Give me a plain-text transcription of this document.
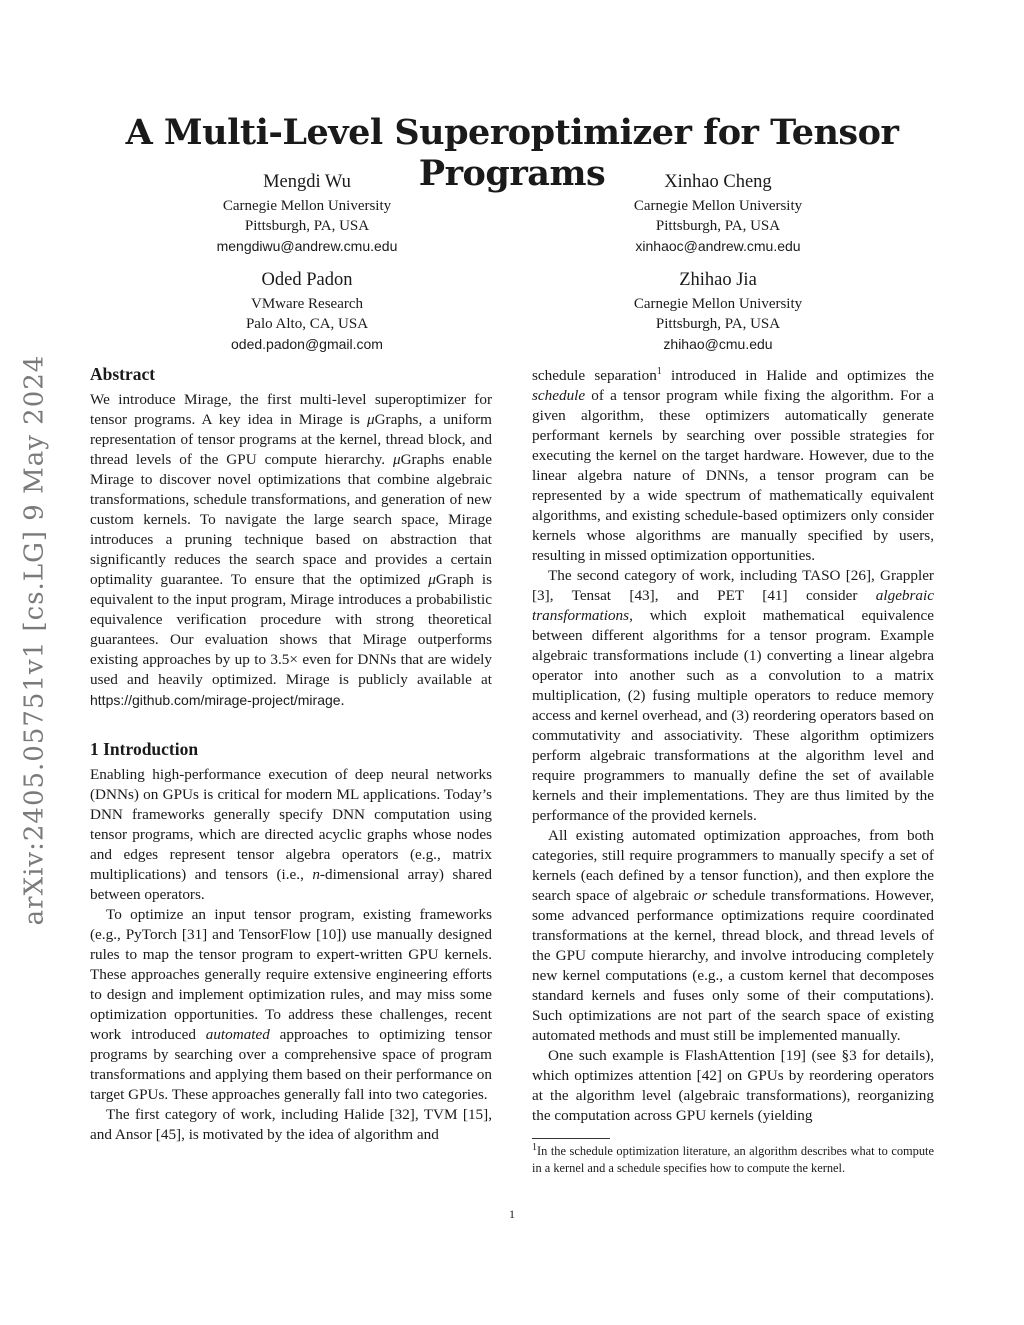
arXiv:2405.05751v1 [cs.LG] 9 May 2024
A Multi-Level Superoptimizer for Tensor Programs
Mengdi Wu
Carnegie Mellon University
Pittsburgh, PA, USA
mengdiwu@andrew.cmu.edu
Xinhao Cheng
Carnegie Mellon University
Pittsburgh, PA, USA
xinhaoc@andrew.cmu.edu
Oded Padon
VMware Research
Palo Alto, CA, USA
oded.padon@gmail.com
Zhihao Jia
Carnegie Mellon University
Pittsburgh, PA, USA
zhihao@cmu.edu
Abstract

We introduce Mirage, the first multi-level superoptimizer for tensor programs. A key idea in Mirage is μGraphs, a uniform representation of tensor programs at the kernel, thread block, and thread levels of the GPU compute hierarchy. μGraphs enable Mirage to discover novel optimizations that combine algebraic transformations, schedule transformations, and generation of new custom kernels. To navigate the large search space, Mirage introduces a pruning technique based on abstraction that significantly reduces the search space and provides a certain optimality guarantee. To ensure that the optimized μGraph is equivalent to the input program, Mirage introduces a probabilistic equivalence verification procedure with strong theoretical guarantees. Our evaluation shows that Mirage outperforms existing approaches by up to 3.5× even for DNNs that are widely used and heavily optimized. Mirage is publicly available at https://github.com/mirage-project/mirage.

1 Introduction

Enabling high-performance execution of deep neural networks (DNNs) on GPUs is critical for modern ML applications. Today’s DNN frameworks generally specify DNN computation using tensor programs, which are directed acyclic graphs whose nodes and edges represent tensor algebra operators (e.g., matrix multiplications) and tensors (i.e., n-dimensional array) shared between operators.

To optimize an input tensor program, existing frameworks (e.g., PyTorch [31] and TensorFlow [10]) use manually designed rules to map the tensor program to expert-written GPU kernels. These approaches generally require extensive engineering efforts to design and implement optimization rules, and may miss some optimization opportunities. To address these challenges, recent work introduced automated approaches to optimizing tensor programs by searching over a comprehensive space of program transformations and applying them based on their performance on target GPUs. These approaches generally fall into two categories.

The first category of work, including Halide [32], TVM [15], and Ansor [45], is motivated by the idea of algorithm and

schedule separation$^1$ introduced in Halide and optimizes the schedule of a tensor program while fixing the algorithm. For a given algorithm, these optimizers automatically generate performant kernels by searching over possible strategies for executing the kernel on the target hardware. However, due to the linear algebra nature of DNNs, a tensor program can be represented by a wide spectrum of mathematically equivalent algorithms, and existing schedule-based optimizers only consider kernels whose algorithms are manually specified by users, resulting in missed optimization opportunities.

The second category of work, including TASO [26], Grappler [3], Tensat [43], and PET [41] consider algebraic transformations, which exploit mathematical equivalence between different algorithms for a tensor program. Example algebraic transformations include (1) converting a linear algebra operator into another such as a convolution to a matrix multiplication, (2) fusing multiple operators to reduce memory access and kernel overhead, and (3) reordering operators based on commutativity and associativity. These algorithm optimizers perform algebraic transformations at the algorithm level and require programmers to manually define the set of available kernels and their implementations. They are thus limited by the performance of the provided kernels.

All existing automated optimization approaches, from both categories, still require programmers to manually specify a set of kernels (each defined by a tensor function), and then explore the search space of algebraic or schedule transformations. However, some advanced performance optimizations require coordinated transformations at the kernel, thread block, and thread levels of the GPU compute hierarchy, and involve introducing completely new kernel computations (e.g., a custom kernel that decomposes standard kernels and fuses only some of their computations). Such optimizations are not part of the search space of existing automated methods and must still be implemented manually.

One such example is FlashAttention [19] (see §3 for details), which optimizes attention [42] on GPUs by reordering operators at the algorithm level (algebraic transformations), reorganizing the computation across GPU kernels (yielding

$^1$In the schedule optimization literature, an algorithm describes what to compute in a kernel and a schedule specifies how to compute the kernel.
1
